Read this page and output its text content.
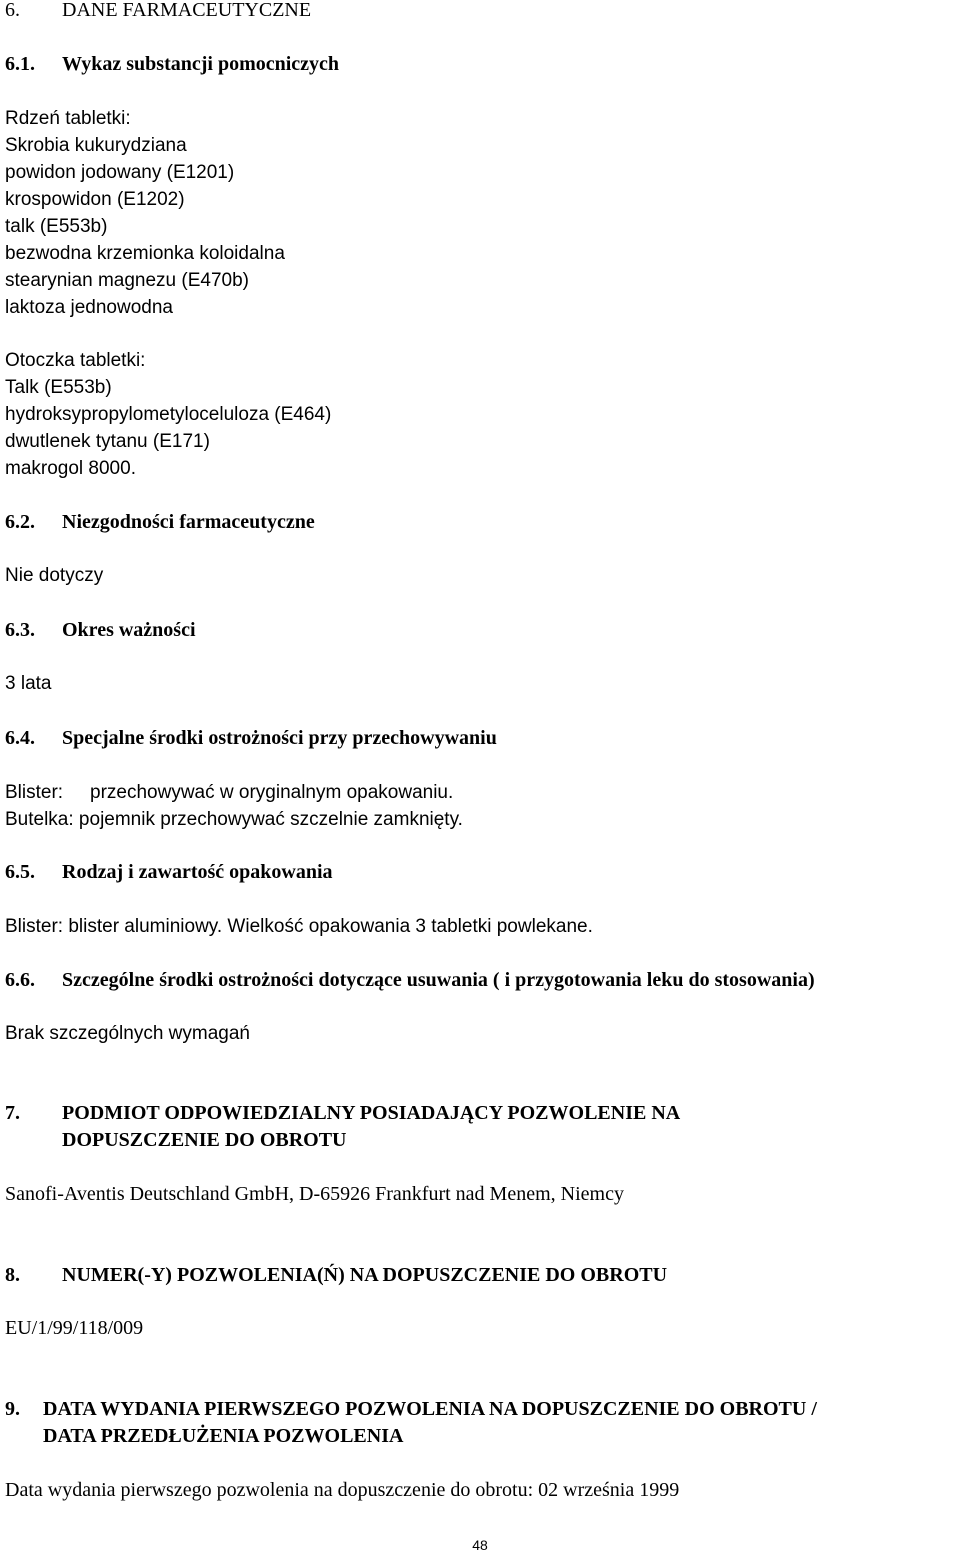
6. DANE FARMACEUTYCZNE
6.1. Wykaz substancji pomocniczych
Rdzeń tabletki:
Skrobia kukurydziana
powidon jodowany (E1201)
krospowidon (E1202)
talk (E553b)
bezwodna krzemionka koloidalna
stearynian magnezu (E470b)
laktoza jednowodna
Otoczka tabletki:
Talk (E553b)
hydroksypropylometyloceluloza (E464)
dwutlenek tytanu (E171)
makrogol 8000.
6.2. Niezgodności farmaceutyczne
Nie dotyczy
6.3. Okres ważności
3 lata
6.4. Specjalne środki ostrożności przy przechowywaniu
Blister: przechowywać w oryginalnym opakowaniu.
Butelka: pojemnik przechowywać szczelnie zamknięty.
6.5. Rodzaj i zawartość opakowania
Blister: blister aluminiowy. Wielkość opakowania 3 tabletki powlekane.
6.6. Szczególne środki ostrożności dotyczące usuwania ( i przygotowania leku do stosowania)
Brak szczególnych wymagań
7. PODMIOT ODPOWIEDZIALNY POSIADAJĄCY POZWOLENIE NA
DOPUSZCZENIE DO OBROTU
Sanofi-Aventis Deutschland GmbH, D-65926 Frankfurt nad Menem, Niemcy
8. NUMER(-Y) POZWOLENIA(Ń) NA DOPUSZCZENIE DO OBROTU
EU/1/99/118/009
9. DATA WYDANIA PIERWSZEGO POZWOLENIA NA DOPUSZCZENIE DO OBROTU /
DATA PRZEDŁUŻENIA POZWOLENIA
Data wydania pierwszego pozwolenia na dopuszczenie do obrotu: 02 września 1999
48
